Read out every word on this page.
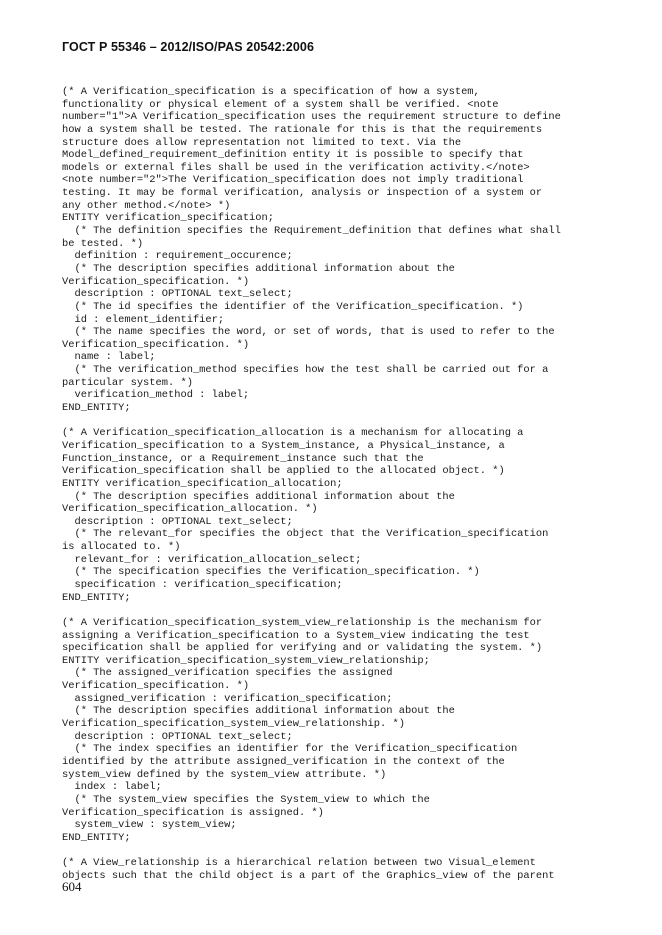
ГОСТ Р 55346 – 2012/ISO/PAS 20542:2006
(* A Verification_specification is a specification of how a system,
functionality or physical element of a system shall be verified. <note
number="1">A Verification_specification uses the requirement structure to define
how a system shall be tested. The rationale for this is that the requirements
structure does allow representation not limited to text. Via the
Model_defined_requirement_definition entity it is possible to specify that
models or external files shall be used in the verification activity.</note>
<note number="2">The Verification_specification does not imply traditional
testing. It may be formal verification, analysis or inspection of a system or
any other method.</note> *)
ENTITY verification_specification;
(* The definition specifies the Requirement_definition that defines what shall
be tested. *)
definition : requirement_occurence;
(* The description specifies additional information about the
Verification_specification. *)
description : OPTIONAL text_select;
(* The id specifies the identifier of the Verification_specification. *)
id : element_identifier;
(* The name specifies the word, or set of words, that is used to refer to the
Verification_specification. *)
name : label;
(* The verification_method specifies how the test shall be carried out for a
particular system. *)
verification_method : label;
END_ENTITY;
(* A Verification_specification_allocation is a mechanism for allocating a
Verification_specification to a System_instance, a Physical_instance, a
Function_instance, or a Requirement_instance such that the
Verification_specification shall be applied to the allocated object. *)
ENTITY verification_specification_allocation;
(* The description specifies additional information about the
Verification_specification_allocation. *)
description : OPTIONAL text_select;
(* The relevant_for specifies the object that the Verification_specification
is allocated to. *)
relevant_for : verification_allocation_select;
(* The specification specifies the Verification_specification. *)
specification : verification_specification;
END_ENTITY;
(* A Verification_specification_system_view_relationship is the mechanism for
assigning a Verification_specification to a System_view indicating the test
specification shall be applied for verifying and or validating the system. *)
ENTITY verification_specification_system_view_relationship;
(* The assigned_verification specifies the assigned
Verification_specification. *)
assigned_verification : verification_specification;
(* The description specifies additional information about the
Verification_specification_system_view_relationship. *)
description : OPTIONAL text_select;
(* The index specifies an identifier for the Verification_specification
identified by the attribute assigned_verification in the context of the
system_view defined by the system_view attribute. *)
index : label;
(* The system_view specifies the System_view to which the
Verification_specification is assigned. *)
system_view : system_view;
END_ENTITY;
(* A View_relationship is a hierarchical relation between two Visual_element
objects such that the child object is a part of the Graphics_view of the parent
604
